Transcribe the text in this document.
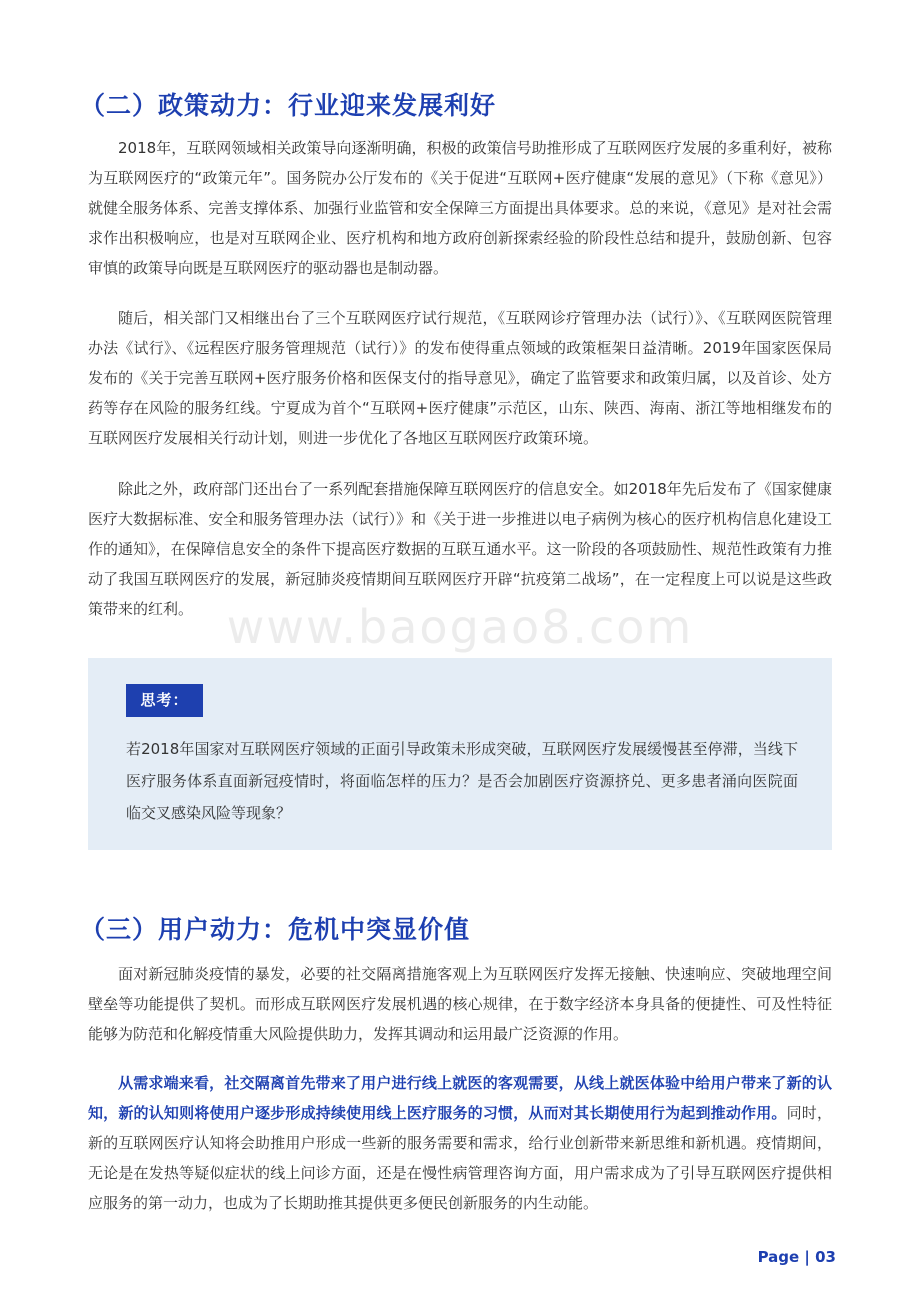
www.baogao8.com
（二）政策动力：行业迎来发展利好

2018年，互联网领域相关政策导向逐渐明确，积极的政策信号助推形成了互联网医疗发展的多重利好，被称为互联网医疗的“政策元年”。国务院办公厅发布的《关于促进“互联网+医疗健康“发展的意见》（下称《意见》）就健全服务体系、完善支撑体系、加强行业监管和安全保障三方面提出具体要求。总的来说，《意见》是对社会需求作出积极响应，也是对互联网企业、医疗机构和地方政府创新探索经验的阶段性总结和提升，鼓励创新、包容审慎的政策导向既是互联网医疗的驱动器也是制动器。

随后，相关部门又相继出台了三个互联网医疗试行规范，《互联网诊疗管理办法（试行）》、《互联网医院管理办法《试行》、《远程医疗服务管理规范（试行）》的发布使得重点领域的政策框架日益清晰。2019年国家医保局发布的《关于完善互联网+医疗服务价格和医保支付的指导意见》，确定了监管要求和政策归属，以及首诊、处方药等存在风险的服务红线。宁夏成为首个“互联网+医疗健康”示范区，山东、陕西、海南、浙江等地相继发布的互联网医疗发展相关行动计划，则进一步优化了各地区互联网医疗政策环境。

除此之外，政府部门还出台了一系列配套措施保障互联网医疗的信息安全。如2018年先后发布了《国家健康医疗大数据标准、安全和服务管理办法（试行）》和《关于进一步推进以电子病例为核心的医疗机构信息化建设工作的通知》，在保障信息安全的条件下提高医疗数据的互联互通水平。这一阶段的各项鼓励性、规范性政策有力推动了我国互联网医疗的发展，新冠肺炎疫情期间互联网医疗开辟“抗疫第二战场”，在一定程度上可以说是这些政策带来的红利。

思考：

若2018年国家对互联网医疗领域的正面引导政策未形成突破，互联网医疗发展缓慢甚至停滞，当线下医疗服务体系直面新冠疫情时，将面临怎样的压力？是否会加剧医疗资源挤兑、更多患者涌向医院面临交叉感染风险等现象？

（三）用户动力：危机中突显价值

面对新冠肺炎疫情的暴发，必要的社交隔离措施客观上为互联网医疗发挥无接触、快速响应、突破地理空间壁垒等功能提供了契机。而形成互联网医疗发展机遇的核心规律，在于数字经济本身具备的便捷性、可及性特征能够为防范和化解疫情重大风险提供助力，发挥其调动和运用最广泛资源的作用。

从需求端来看，社交隔离首先带来了用户进行线上就医的客观需要，从线上就医体验中给用户带来了新的认知，新的认知则将使用户逐步形成持续使用线上医疗服务的习惯，从而对其长期使用行为起到推动作用。同时，新的互联网医疗认知将会助推用户形成一些新的服务需要和需求，给行业创新带来新思维和新机遇。疫情期间，无论是在发热等疑似症状的线上问诊方面，还是在慢性病管理咨询方面，用户需求成为了引导互联网医疗提供相应服务的第一动力，也成为了长期助推其提供更多便民创新服务的内生动能。

Page | 03
